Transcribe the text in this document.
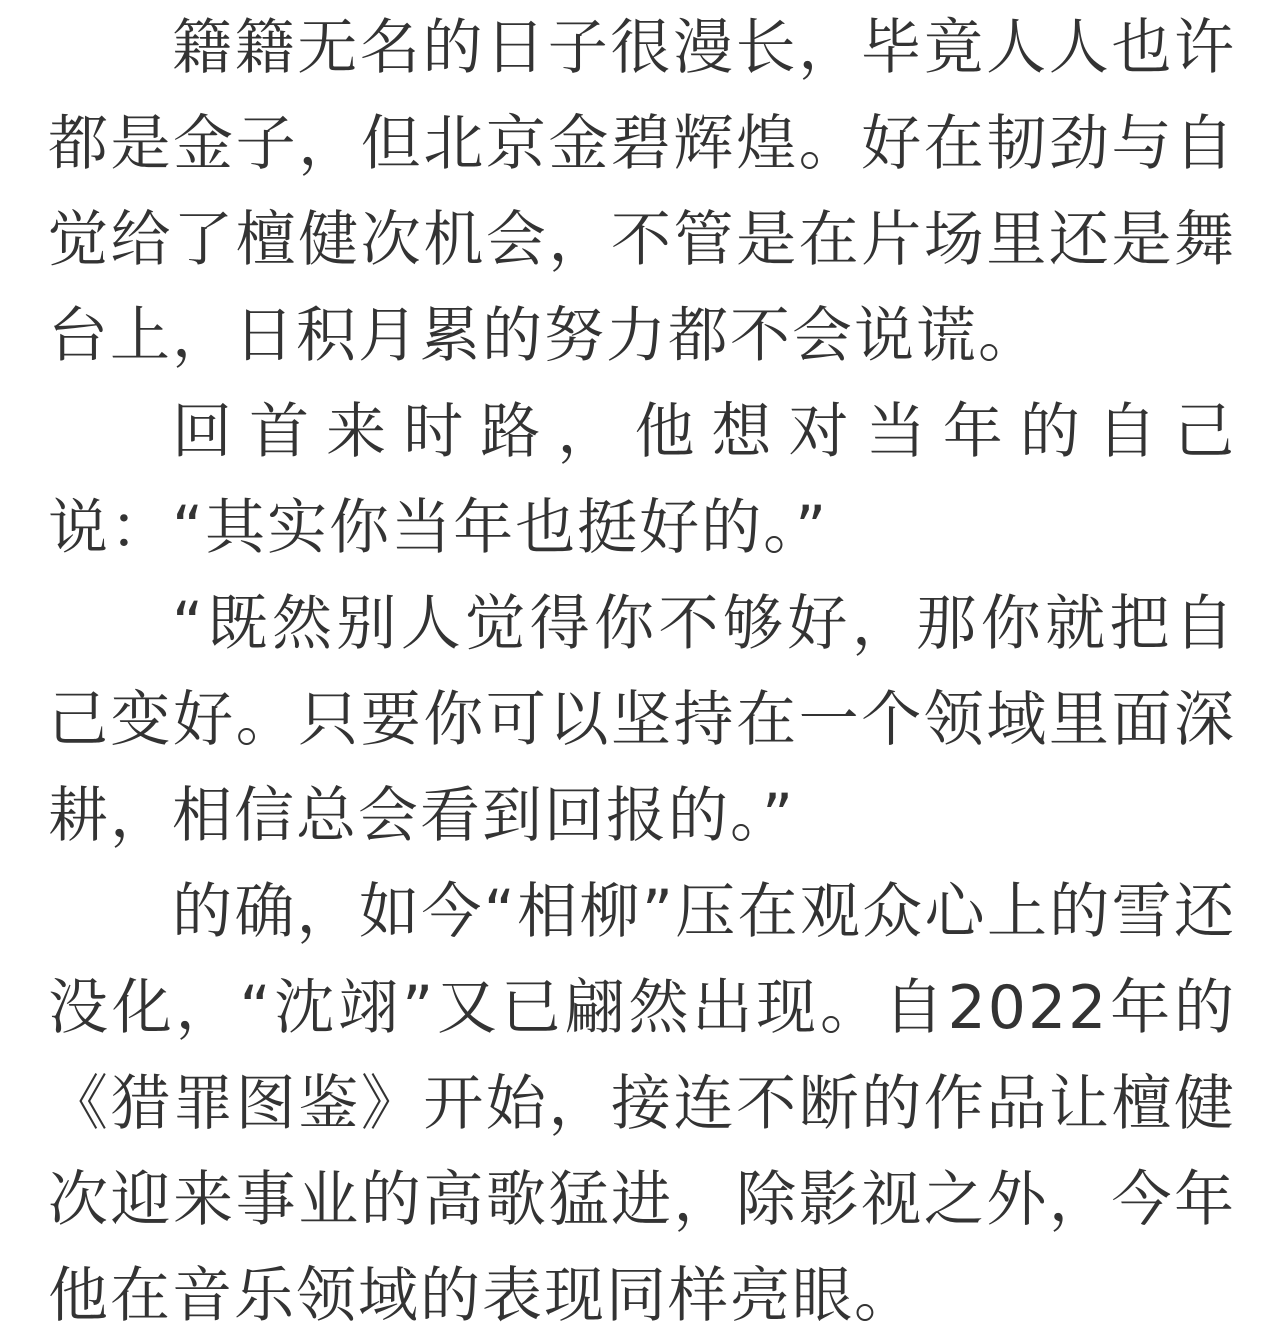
籍籍无名的日子很漫长，毕竟人人也许都是金子，但北京金碧辉煌。好在韧劲与自觉给了檀健次机会，不管是在片场里还是舞台上，日积月累的努力都不会说谎。

回首来时路，他想对当年的自己说：“其实你当年也挺好的。”

“既然别人觉得你不够好，那你就把自己变好。只要你可以坚持在一个领域里面深耕，相信总会看到回报的。”

的确，如今“相柳”压在观众心上的雪还没化，“沈翊”又已翩然出现。自2022年的《猎罪图鉴》开始，接连不断的作品让檀健次迎来事业的高歌猛进，除影视之外，今年他在音乐领域的表现同样亮眼。
